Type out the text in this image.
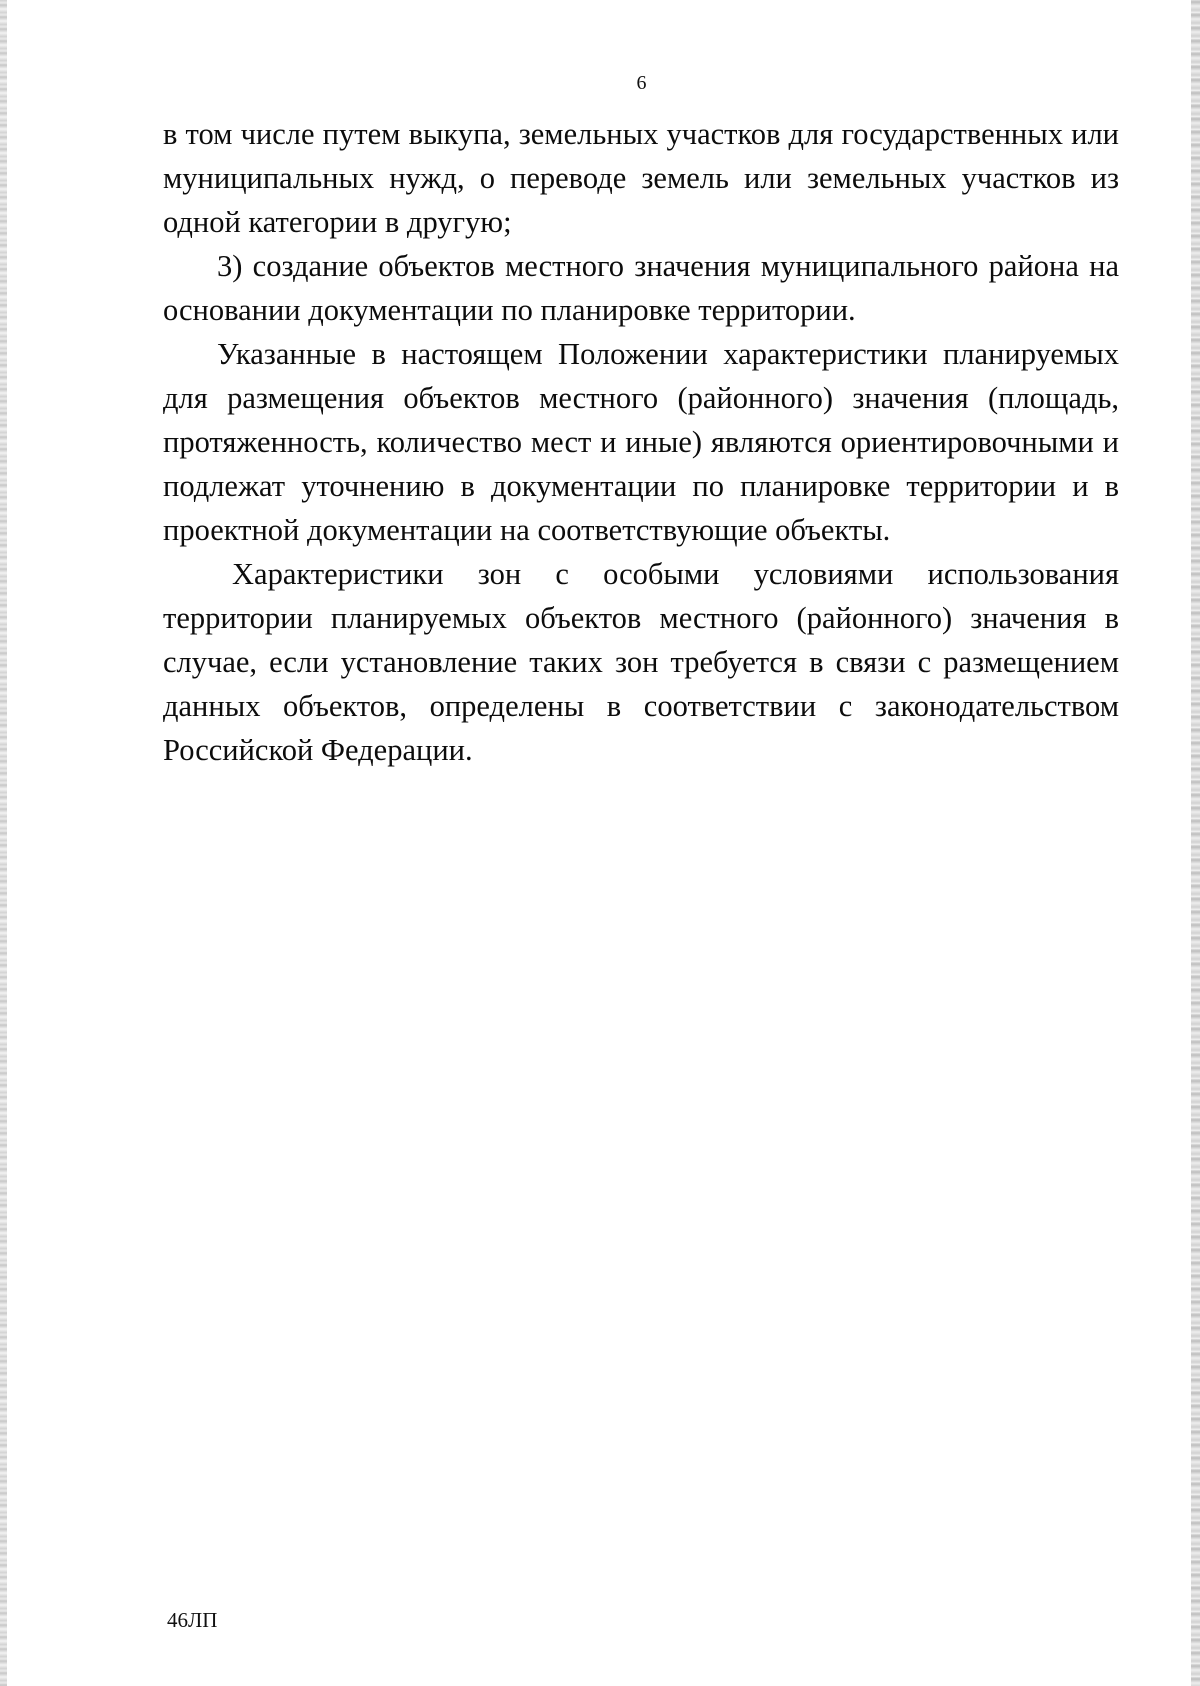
6

в том числе путем выкупа, земельных участков для государственных или муниципальных нужд, о переводе земель или земельных участков из одной категории в другую;

3) создание объектов местного значения муниципального района на основании документации по планировке территории.

Указанные в настоящем Положении характеристики планируемых для размещения объектов местного (районного) значения (площадь, протяженность, количество мест и иные) являются ориентировочными и подлежат уточнению в документации по планировке территории и в проектной документации на соответствующие объекты.

Характеристики зон с особыми условиями использования территории планируемых объектов местного (районного) значения в случае, если установление таких зон требуется в связи с размещением данных объектов, определены в соответствии с законодательством Российской Федерации.

46ЛП
